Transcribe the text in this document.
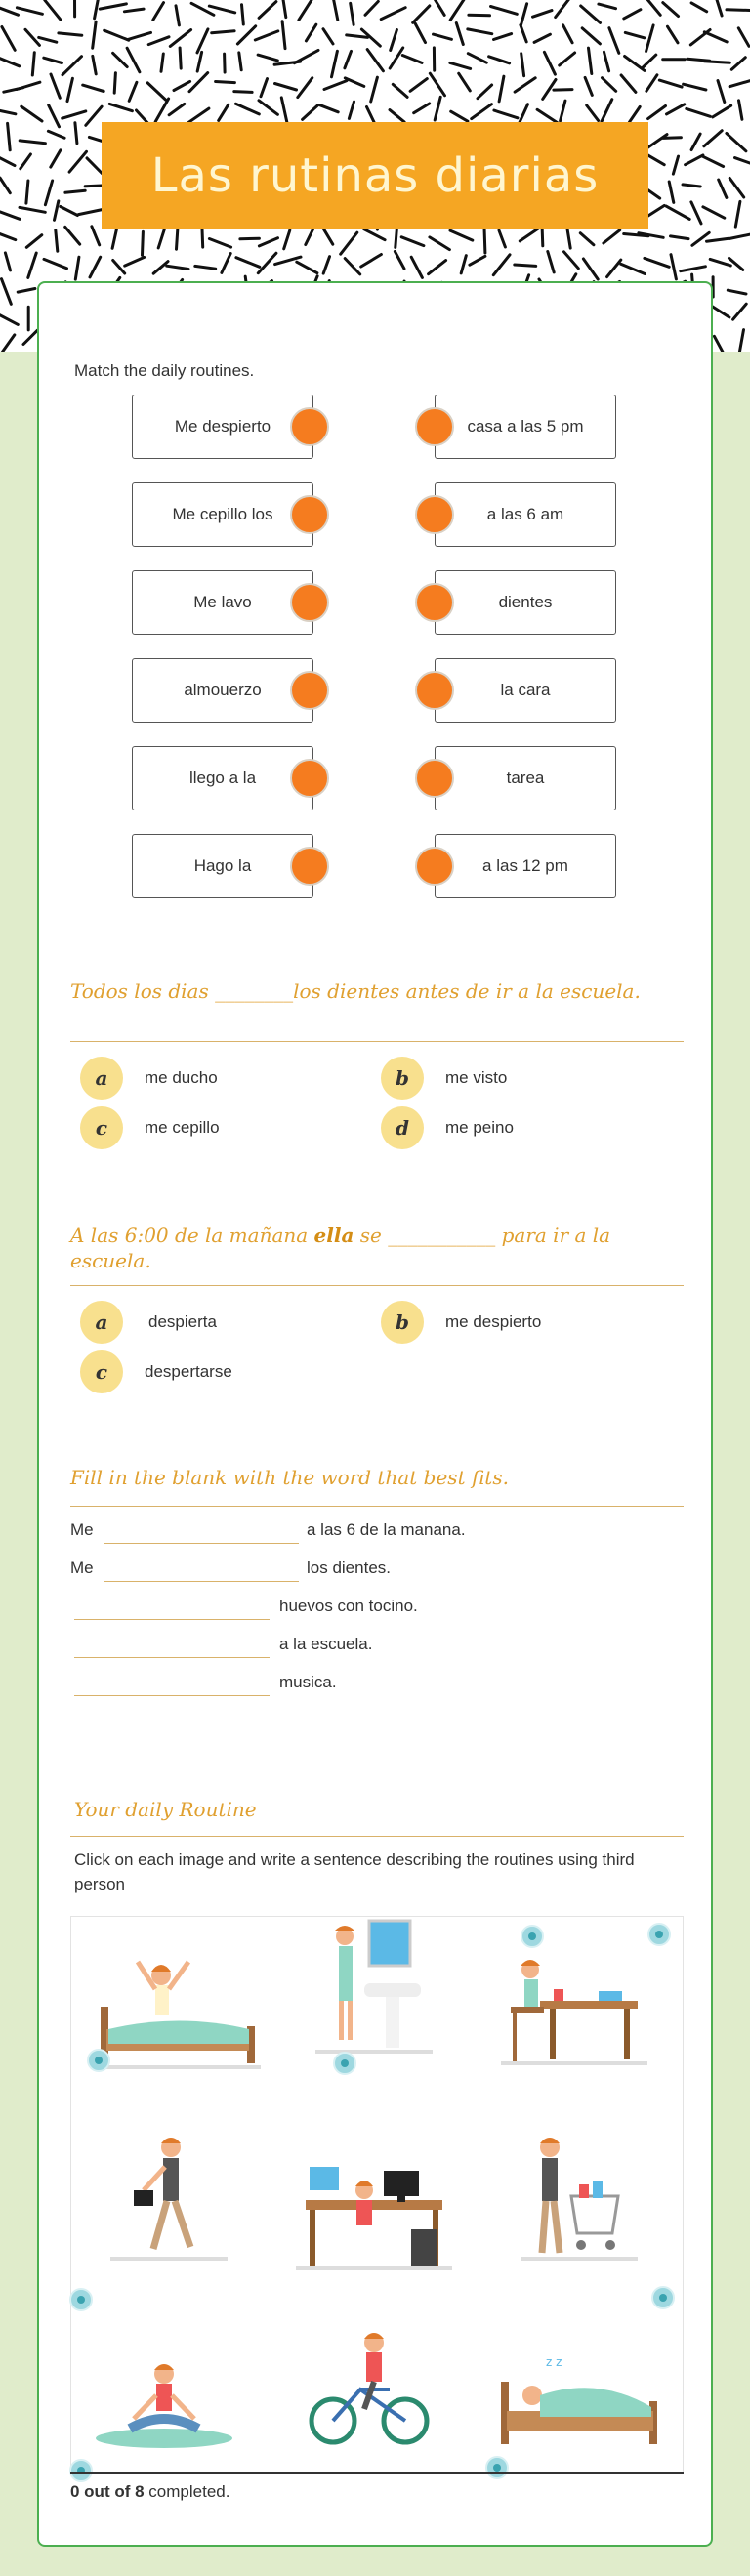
Las rutinas diarias
Match the daily routines.
Me despierto
Me cepillo los
Me lavo
almouerzo
llego a la
Hago la
casa a las 5 pm
a las 6 am
dientes
la cara
tarea
a las 12 pm
Todos los dias ________los dientes antes de ir a la escuela.
a	me ducho	b	me visto
c	me cepillo	d	me peino
A las 6:00 de la mañana ella se ___________ para ir a la escuela.
a	despierta	b	me despierto
c	despertarse
Fill in the blank with the word that best fits.
Me	a las 6 de la manana.
Me	los dientes.
huevos con tocino.
a la escuela.
musica.
Your daily Routine
Click on each image and write a sentence describing the routines using third person
z z
0 out of 8 completed.
